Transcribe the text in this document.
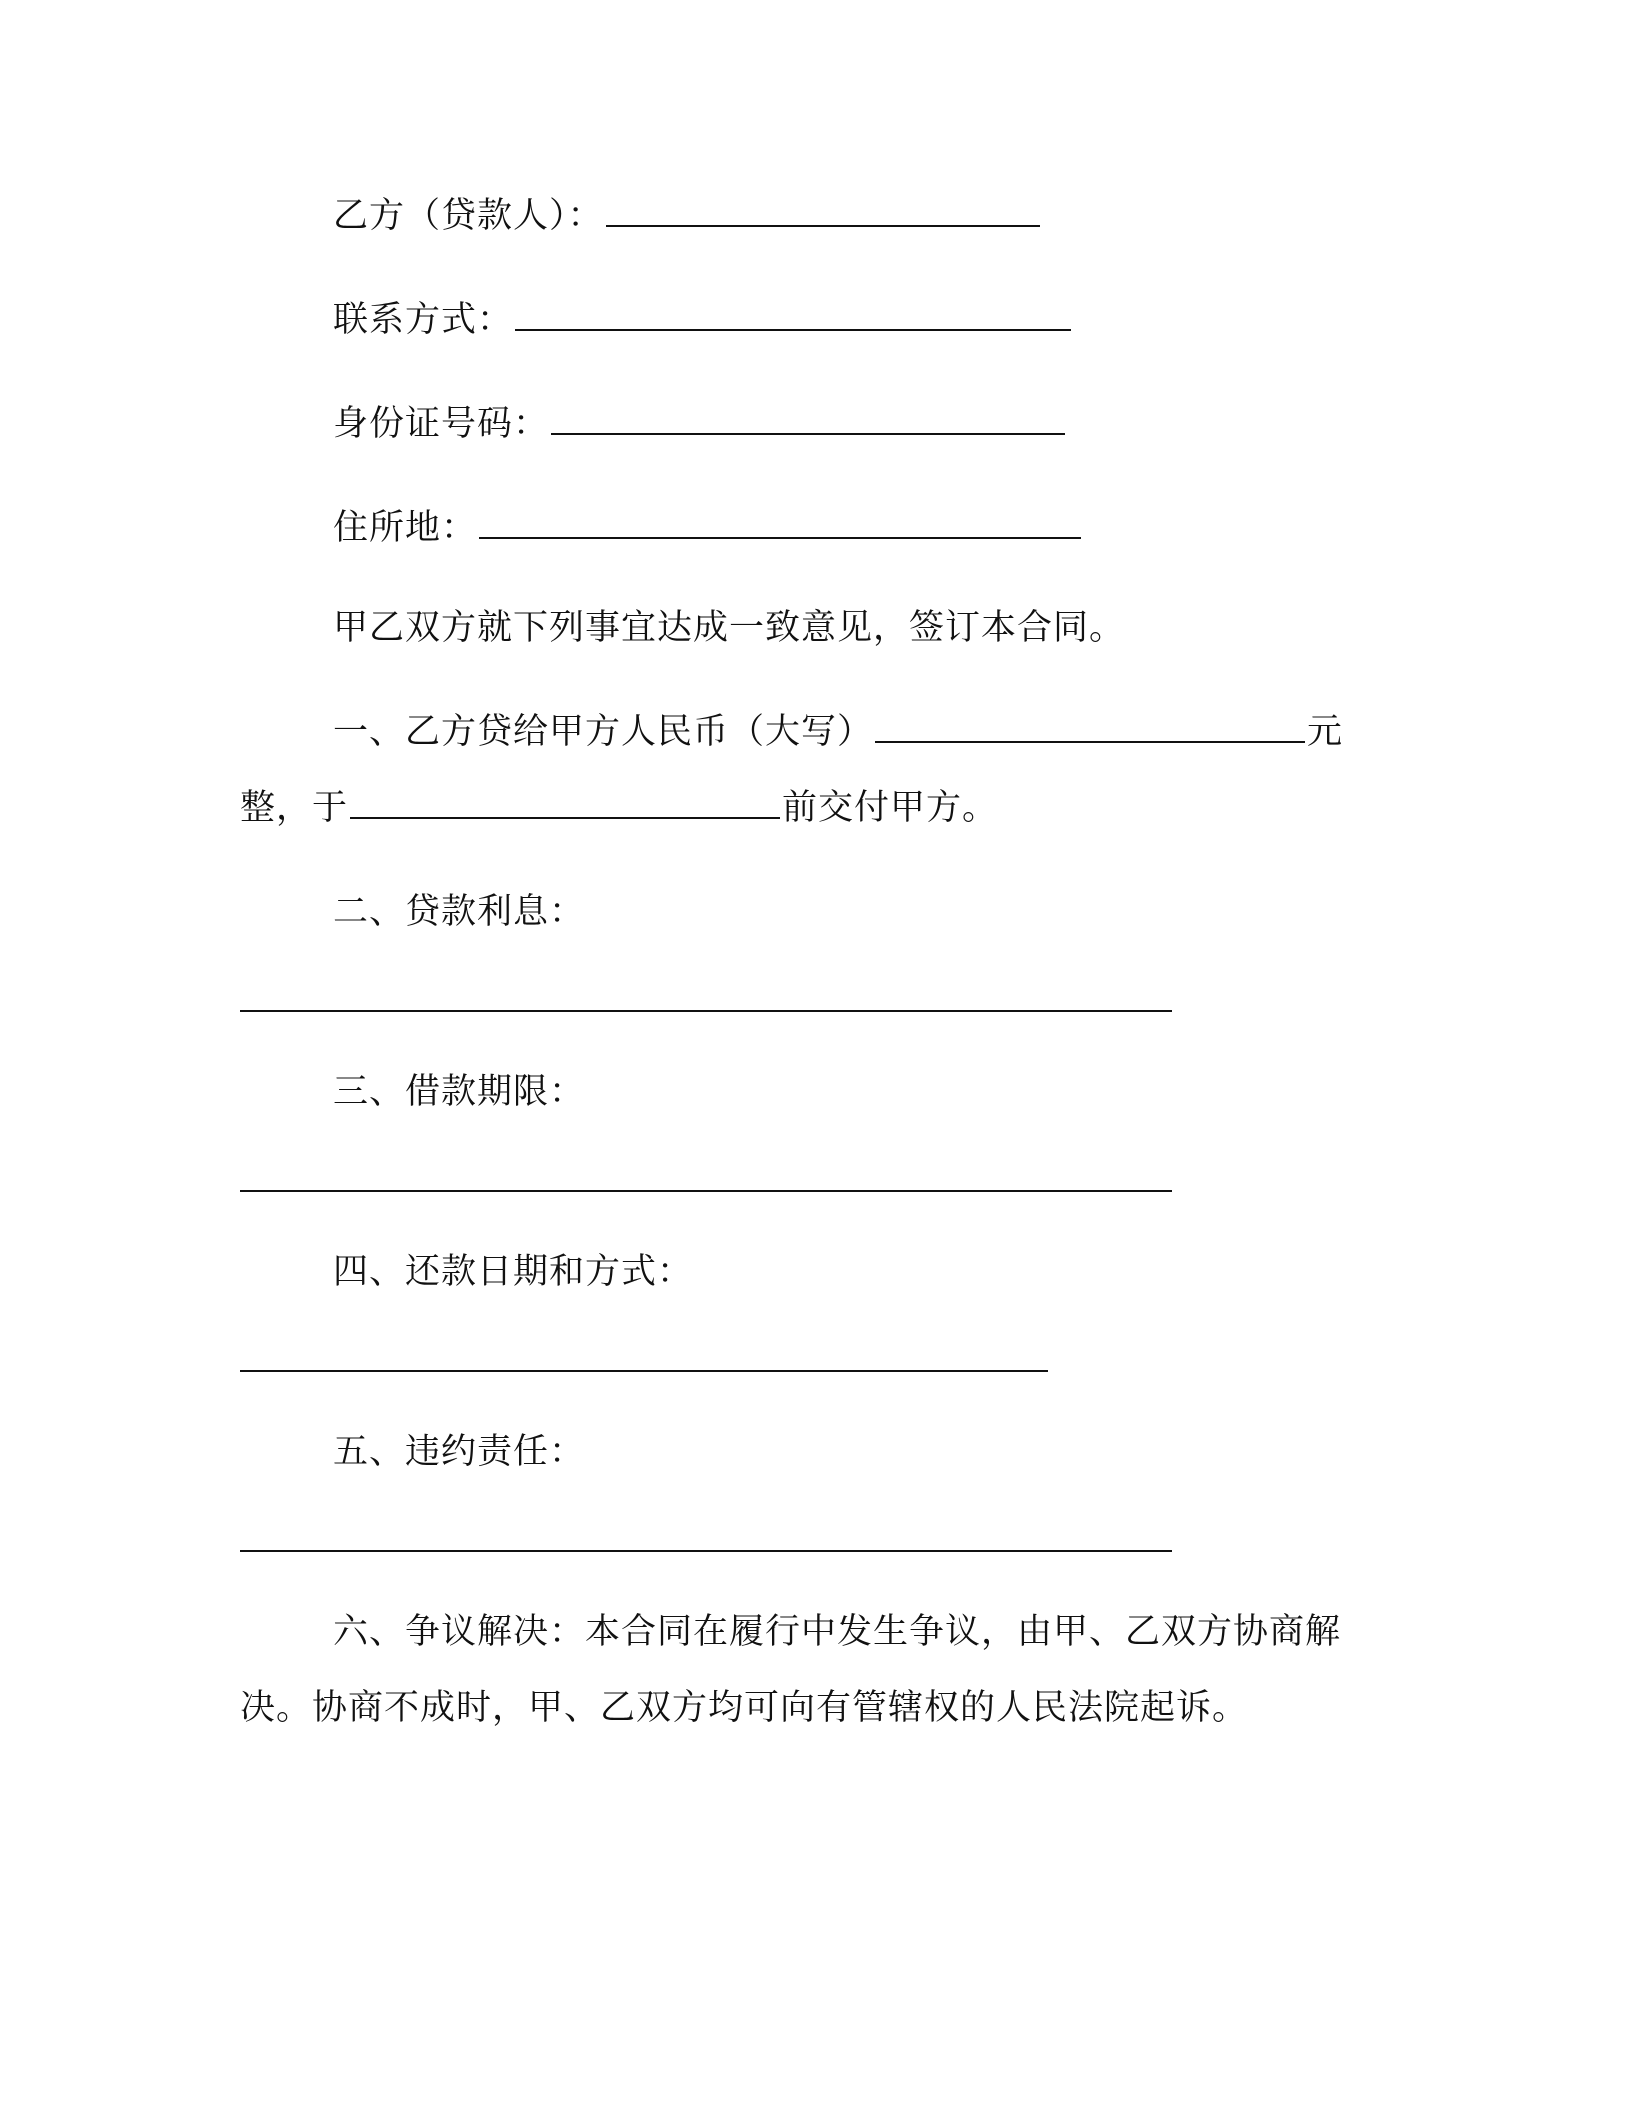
乙方（贷款人）：
联系方式：
身份证号码：
住所地：
甲乙双方就下列事宜达成一致意见，签订本合同。
一、乙方贷给甲方人民币（大写）	元
整，于	前交付甲方。
二、贷款利息：
三、借款期限：
四、还款日期和方式：
五、违约责任：
六、争议解决：本合同在履行中发生争议，由甲、乙双方协商解
决。协商不成时，甲、乙双方均可向有管辖权的人民法院起诉。
